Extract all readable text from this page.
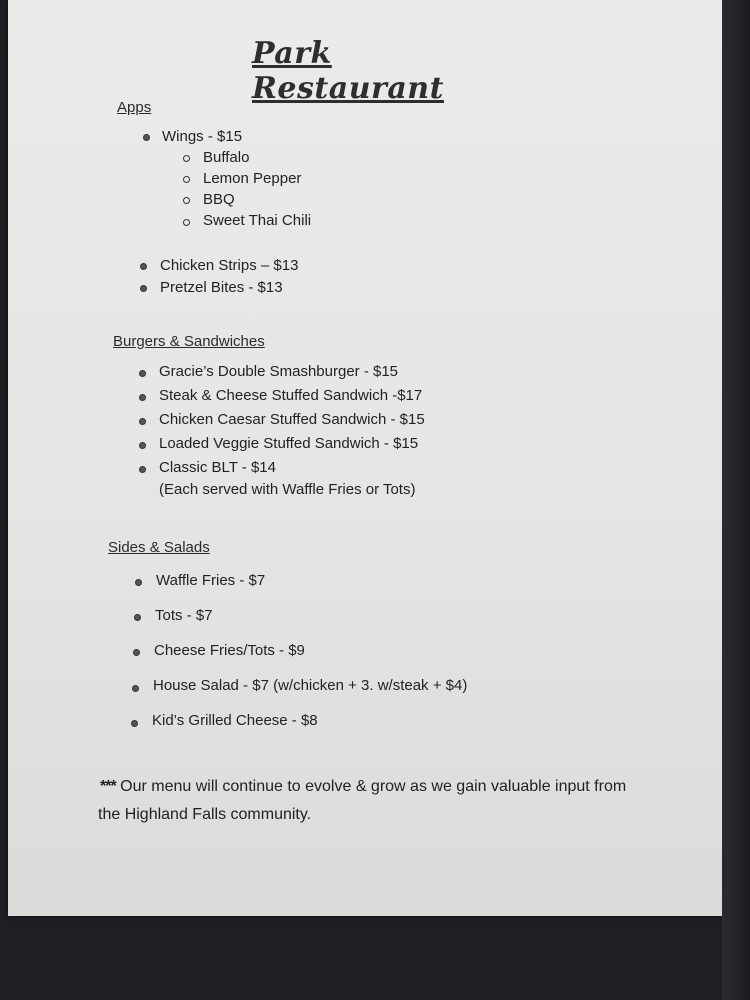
Park Restaurant
Apps
Wings - $15
Buffalo
Lemon Pepper
BBQ
Sweet Thai Chili
Chicken Strips – $13
Pretzel Bites - $13
Burgers & Sandwiches
Gracie’s Double Smashburger - $15
Steak & Cheese Stuffed Sandwich -$17
Chicken Caesar Stuffed Sandwich - $15
Loaded Veggie Stuffed Sandwich - $15
Classic BLT - $14
(Each served with Waffle Fries or Tots)
Sides & Salads
Waffle Fries - $7
Tots - $7
Cheese Fries/Tots - $9
House Salad - $7 (w/chicken + 3. w/steak + $4)
Kid’s Grilled Cheese - $8
*** Our menu will continue to evolve & grow as we gain valuable input from
the Highland Falls community.
